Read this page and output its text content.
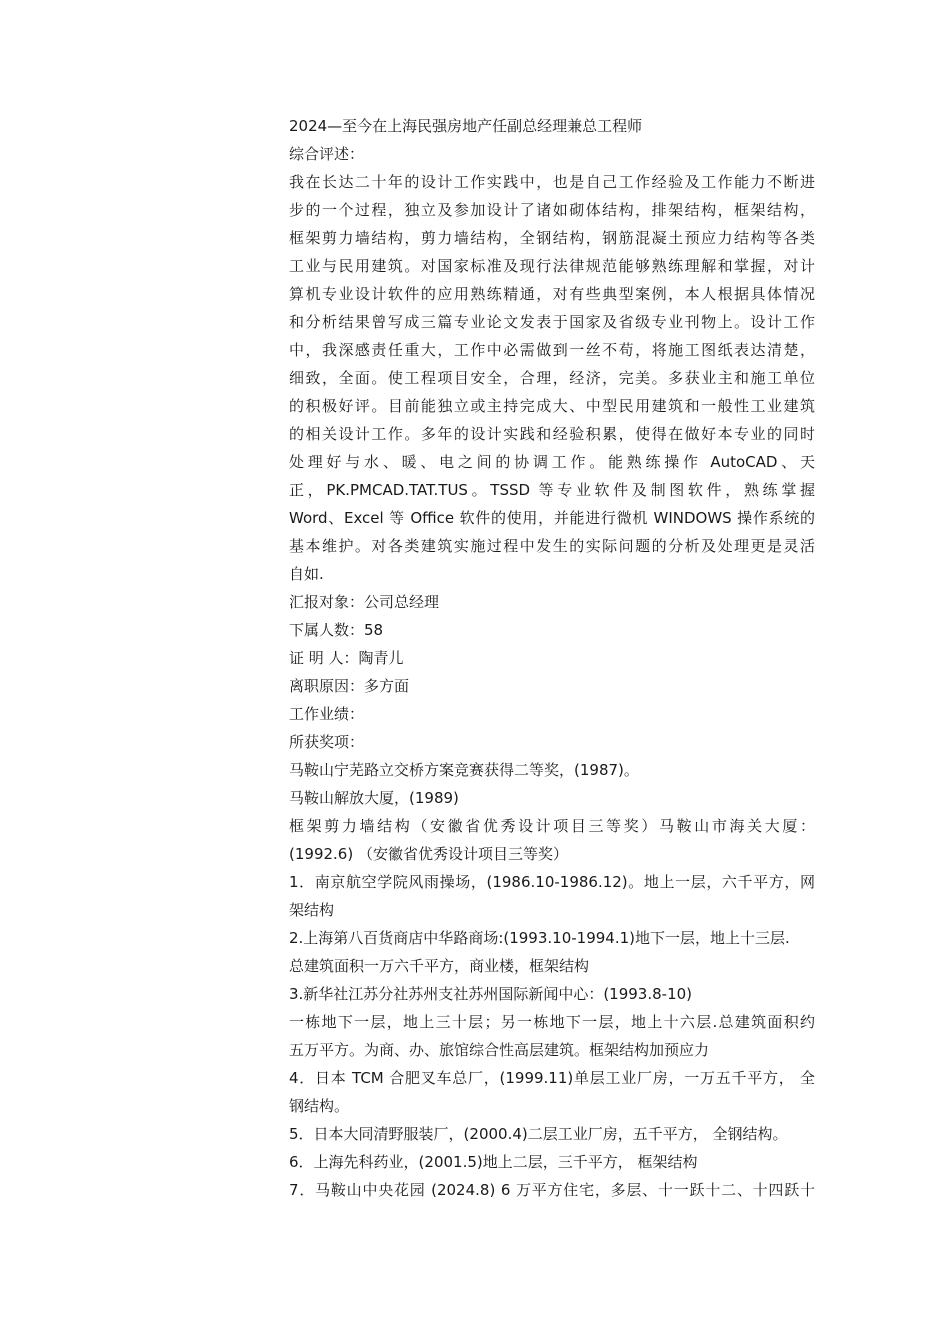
2024—至今在上海民强房地产任副总经理兼总工程师
综合评述：
我在长达二十年的设计工作实践中，也是自己工作经验及工作能力不断进
步的一个过程，独立及参加设计了诸如砌体结构，排架结构，框架结构，
框架剪力墙结构，剪力墙结构，全钢结构，钢筋混凝土预应力结构等各类
工业与民用建筑。对国家标准及现行法律规范能够熟练理解和掌握，对计
算机专业设计软件的应用熟练精通，对有些典型案例，本人根据具体情况
和分析结果曾写成三篇专业论文发表于国家及省级专业刊物上。设计工作
中，我深感责任重大，工作中必需做到一丝不苟，将施工图纸表达清楚，
细致，全面。使工程项目安全，合理，经济，完美。多获业主和施工单位
的积极好评。目前能独立或主持完成大、中型民用建筑和一般性工业建筑
的相关设计工作。多年的设计实践和经验积累，使得在做好本专业的同时
处理好与水、暖、电之间的协调工作。能熟练操作 AutoCAD、天
正，PK.PMCAD.TAT.TUS。TSSD 等专业软件及制图软件，熟练掌握
Word、Excel 等 Office 软件的使用，并能进行微机 WINDOWS 操作系统的
基本维护。对各类建筑实施过程中发生的实际问题的分析及处理更是灵活
自如.
汇报对象：公司总经理
下属人数：58
证 明 人：陶青儿
离职原因：多方面
工作业绩：
所获奖项：
马鞍山宁芜路立交桥方案竞赛获得二等奖，(1987)。
马鞍山解放大厦，(1989)
框架剪力墙结构（安徽省优秀设计项目三等奖）马鞍山市海关大厦：
(1992.6) （安徽省优秀设计项目三等奖）
1．南京航空学院风雨操场，(1986.10-1986.12)。地上一层，六千平方，网
架结构
2.上海第八百货商店中华路商场:(1993.10-1994.1)地下一层，地上十三层.
总建筑面积一万六千平方，商业楼，框架结构
3.新华社江苏分社苏州支社苏州国际新闻中心：(1993.8-10)
一栋地下一层，地上三十层；另一栋地下一层，地上十六层.总建筑面积约
五万平方。为商、办、旅馆综合性高层建筑。框架结构加预应力
4．日本 TCM 合肥叉车总厂，(1999.11)单层工业厂房，一万五千平方， 全
钢结构。
5．日本大同清野服装厂，(2000.4)二层工业厂房，五千平方， 全钢结构。
6．上海先科药业，(2001.5)地上二层，三千平方， 框架结构
7．马鞍山中央花园 (2024.8) 6 万平方住宅，多层、十一跃十二、十四跃十
